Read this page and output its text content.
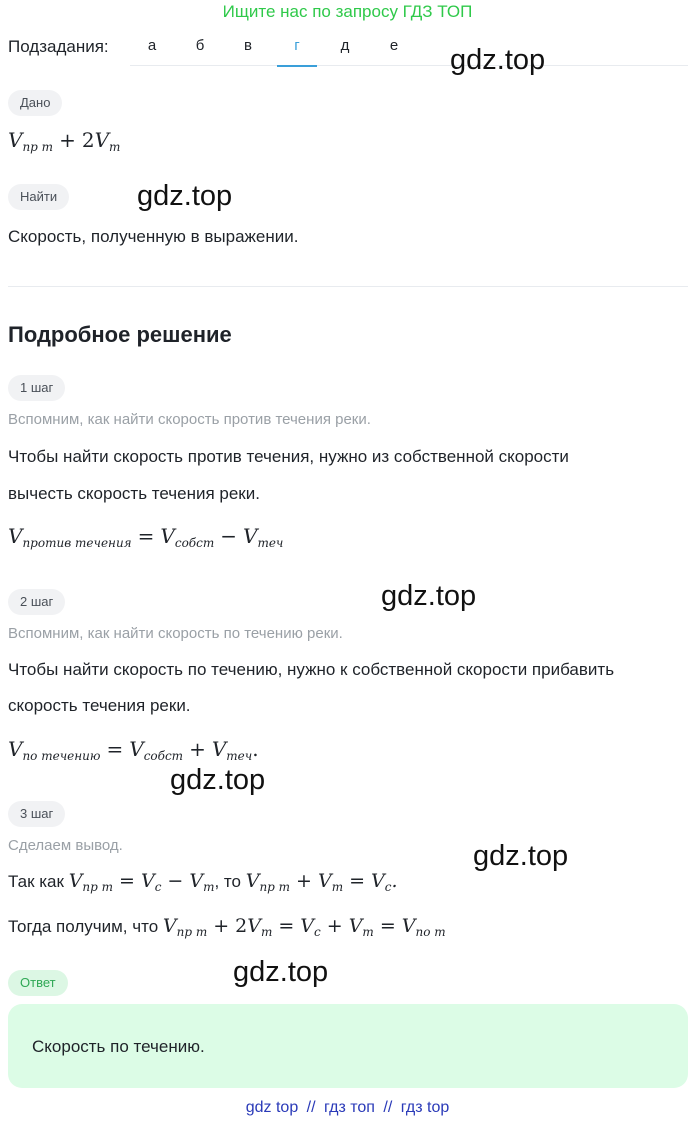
Ищите нас по запросу ГДЗ ТОП
Подзадания:	а	б	в	г	д	е
Дано
$V_{пр т} + 2V_т$
Найти
Скорость, полученную в выражении.
Подробное решение
1 шаг
Вспомним, как найти скорость против течения реки.
Чтобы найти скорость против течения, нужно из собственной скорости
вычесть скорость течения реки.
$V_{против течения} = V_{собст} - V_{теч}$
2 шаг
Вспомним, как найти скорость по течению реки.
Чтобы найти скорость по течению, нужно к собственной скорости прибавить
скорость течения реки.
$V_{по течению} = V_{собст} + V_{теч}$.
3 шаг
Сделаем вывод.
Так как $V_{пр т} = V_с - V_т$, то $V_{пр т} + V_т = V_с$.
Тогда получим, что $V_{пр т} + 2V_т = V_с + V_т = V_{по т}$
Ответ
Скорость по течению.
gdz.top
gdz.top
gdz.top
gdz.top
gdz.top
gdz.top
gdz top // гдз топ // гдз top
